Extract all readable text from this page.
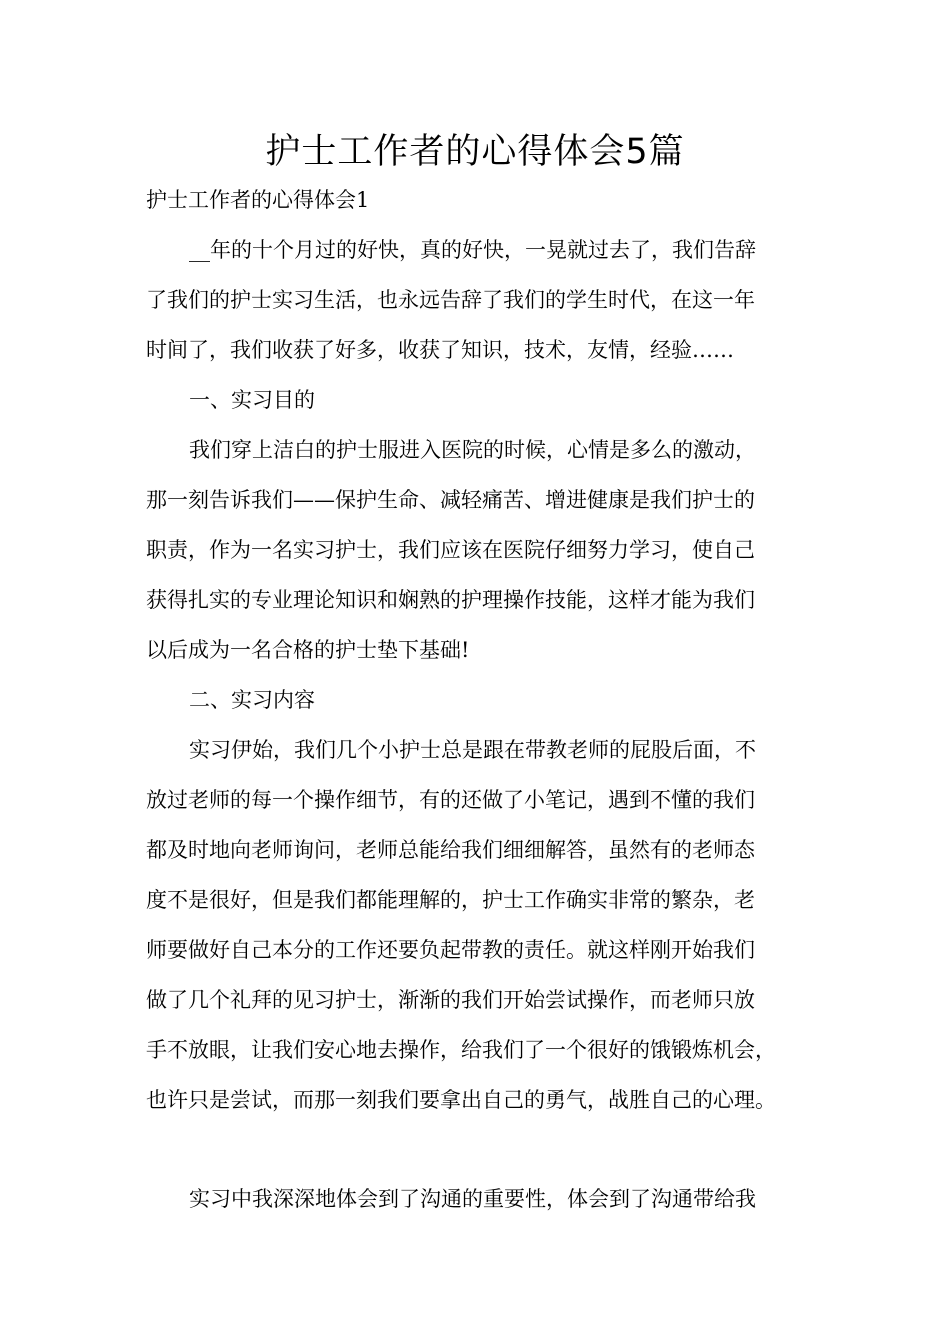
护士工作者的心得体会5篇
护士工作者的心得体会1
__年的十个月过的好快，真的好快，一晃就过去了，我们告辞
了我们的护士实习生活，也永远告辞了我们的学生时代，在这一年
时间了，我们收获了好多，收获了知识，技术，友情，经验……
一、实习目的
我们穿上洁白的护士服进入医院的时候，心情是多么的激动，
那一刻告诉我们——保护生命、减轻痛苦、增进健康是我们护士的
职责，作为一名实习护士，我们应该在医院仔细努力学习，使自己
获得扎实的专业理论知识和娴熟的护理操作技能，这样才能为我们
以后成为一名合格的护士垫下基础!
二、实习内容
实习伊始，我们几个小护士总是跟在带教老师的屁股后面，不
放过老师的每一个操作细节，有的还做了小笔记，遇到不懂的我们
都及时地向老师询问，老师总能给我们细细解答，虽然有的老师态
度不是很好，但是我们都能理解的，护士工作确实非常的繁杂，老
师要做好自己本分的工作还要负起带教的责任。就这样刚开始我们
做了几个礼拜的见习护士，渐渐的我们开始尝试操作，而老师只放
手不放眼，让我们安心地去操作，给我们了一个很好的饿锻炼机会，
也许只是尝试，而那一刻我们要拿出自己的勇气，战胜自己的心理。
实习中我深深地体会到了沟通的重要性，体会到了沟通带给我
